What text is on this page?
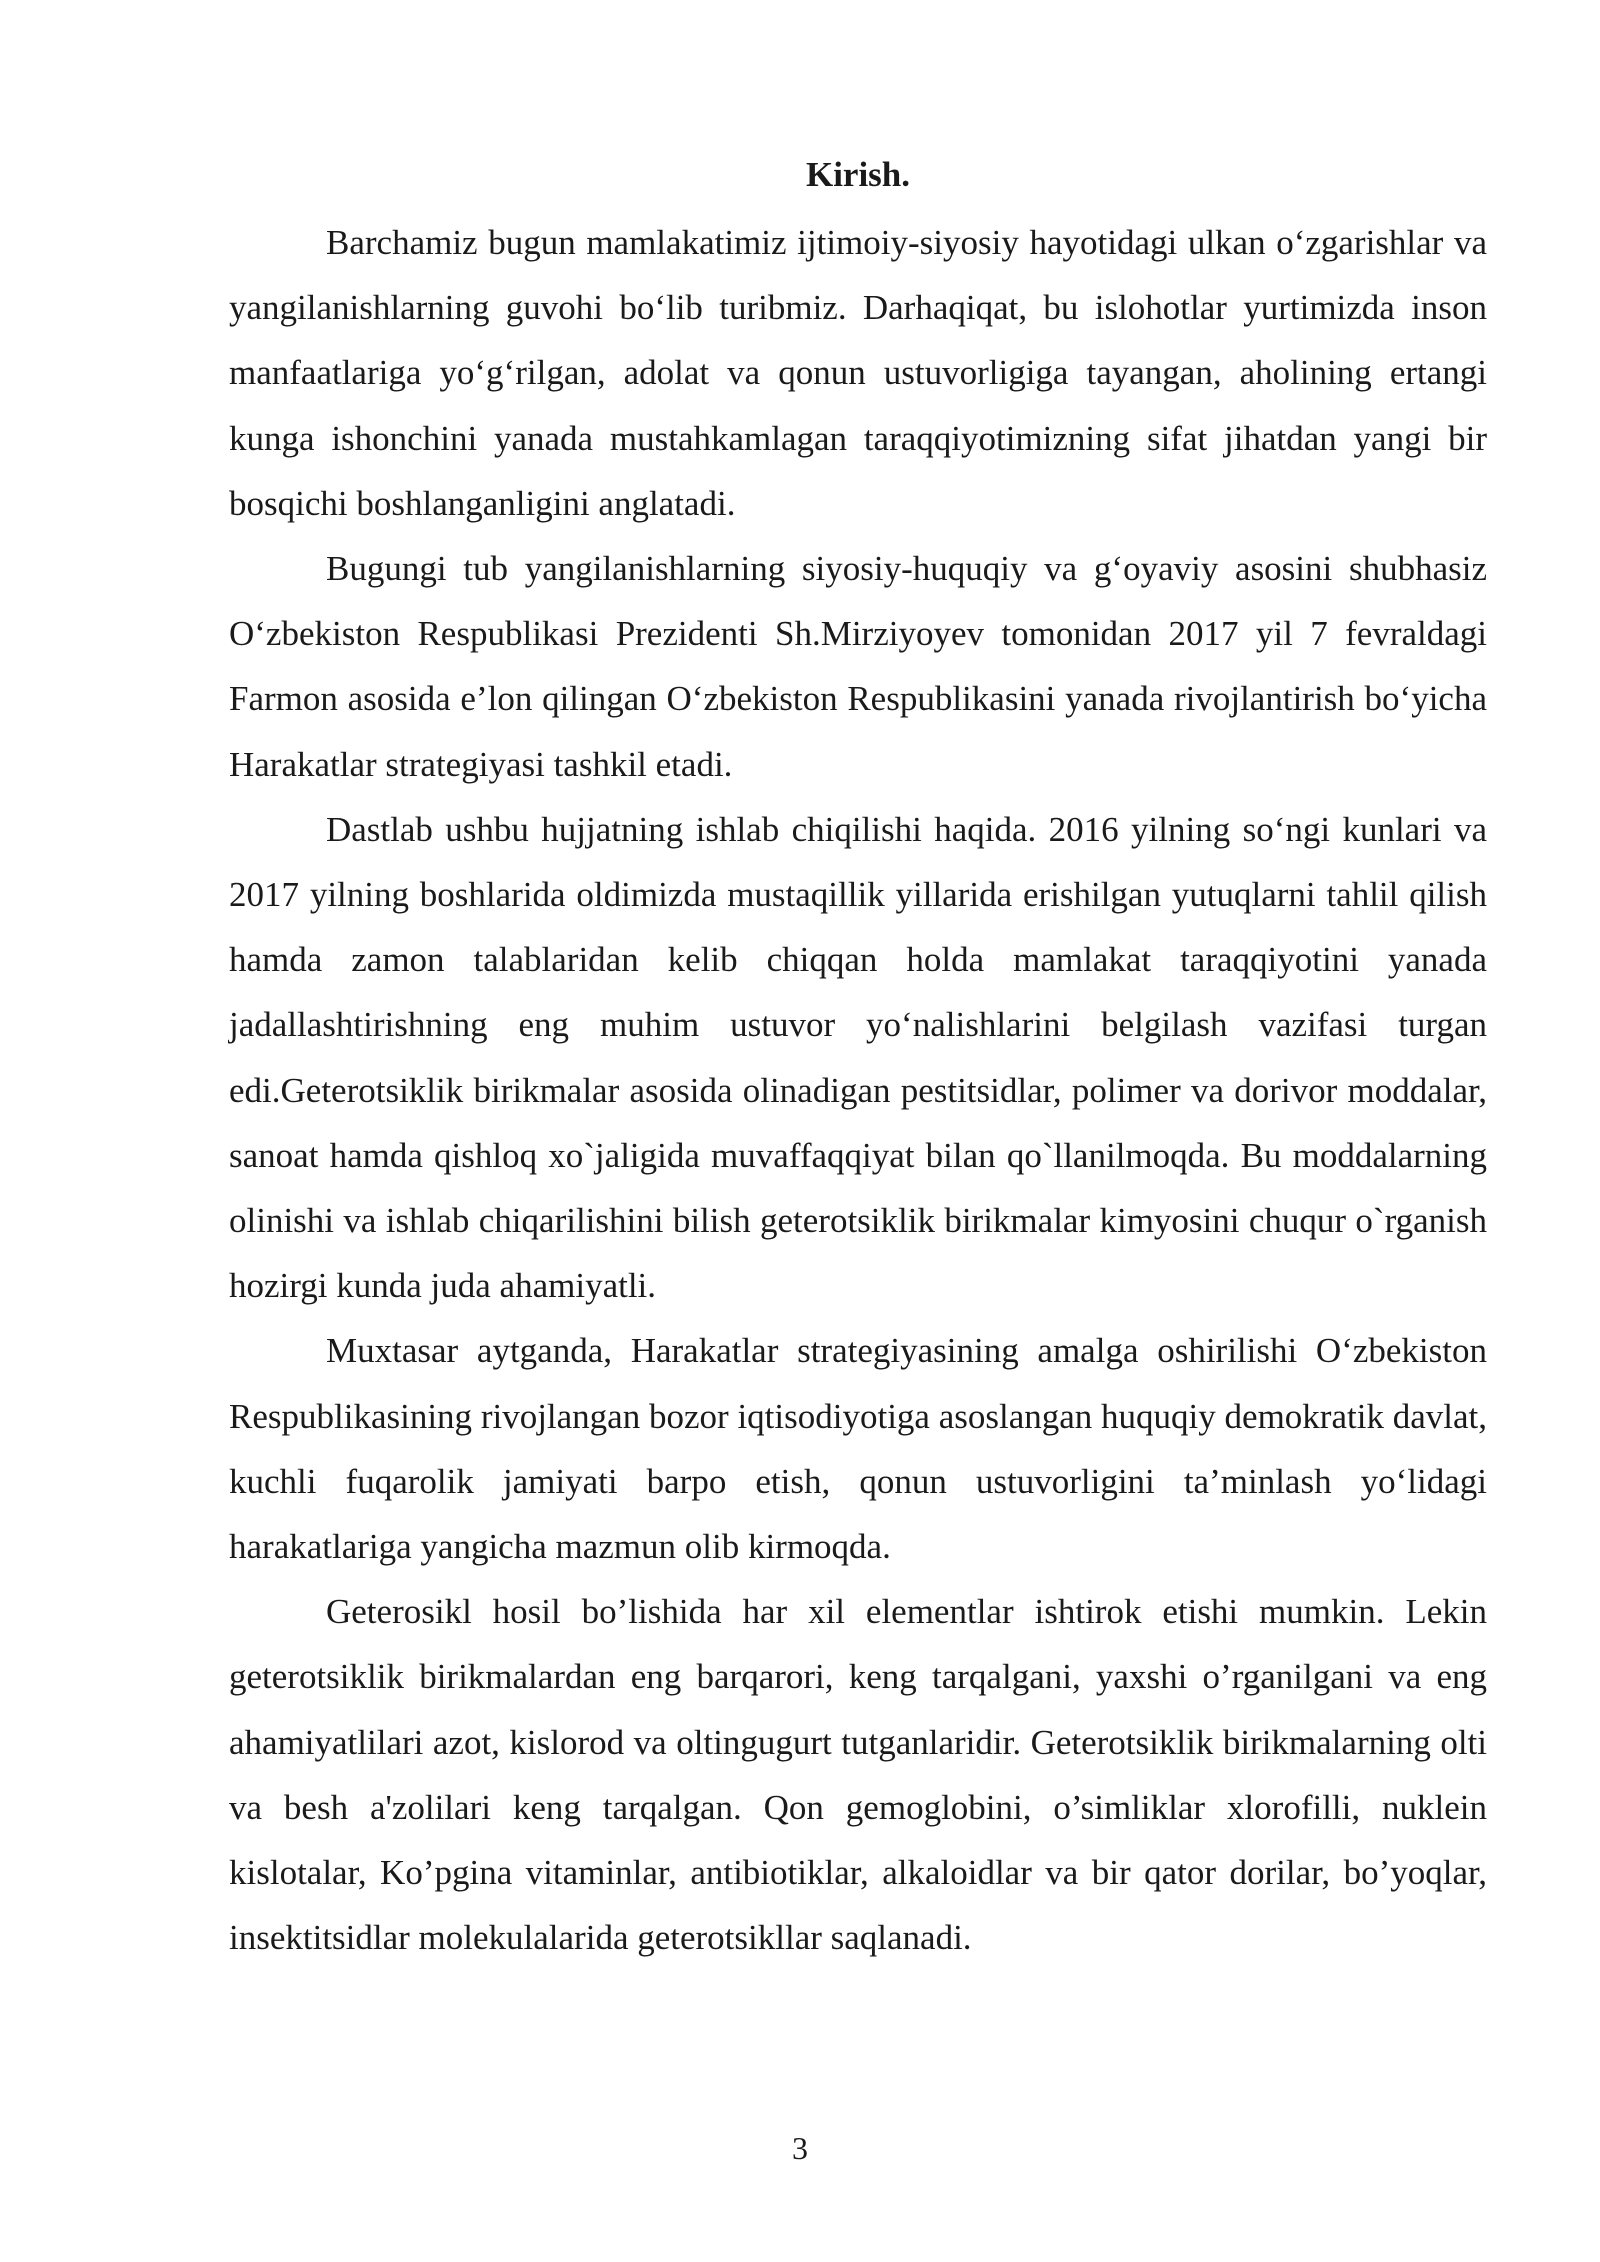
Kirish.

Barchamiz bugun mamlakatimiz ijtimoiy-siyosiy hayotidagi ulkan o‘zgarishlar va yangilanishlarning guvohi bo‘lib turibmiz. Darhaqiqat, bu islohotlar yurtimizda inson manfaatlariga yo‘g‘rilgan, adolat va qonun ustuvorligiga tayangan, aholining ertangi kunga ishonchini yanada mustahkamlagan taraqqiyotimizning sifat jihatdan yangi bir bosqichi boshlanganligini anglatadi.

Bugungi tub yangilanishlarning siyosiy-huquqiy va g‘oyaviy asosini shubhasiz O‘zbekiston Respublikasi Prezidenti Sh.Mirziyoyev tomonidan 2017 yil 7 fevraldagi Farmon asosida e’lon qilingan O‘zbekiston Respublikasini yanada rivojlantirish bo‘yicha Harakatlar strategiyasi tashkil etadi.

Dastlab ushbu hujjatning ishlab chiqilishi haqida. 2016 yilning so‘ngi kunlari va 2017 yilning boshlarida oldimizda mustaqillik yillarida erishilgan yutuqlarni tahlil qilish hamda zamon talablaridan kelib chiqqan holda mamlakat taraqqiyotini yanada jadallashtirishning eng muhim ustuvor yo‘nalishlarini belgilash vazifasi turgan edi.Geterotsiklik birikmalar asosida olinadigan pestitsidlar, polimer va dorivor moddalar, sanoat hamda qishloq xo`jaligida muvaffaqqiyat bilan qo`llanilmoqda. Bu moddalarning olinishi va ishlab chiqarilishini bilish geterotsiklik birikmalar kimyosini chuqur o`rganish hozirgi kunda juda ahamiyatli.

Muxtasar aytganda, Harakatlar strategiyasining amalga oshirilishi O‘zbekiston Respublikasining rivojlangan bozor iqtisodiyotiga asoslangan huquqiy demokratik davlat, kuchli fuqarolik jamiyati barpo etish, qonun ustuvorligini ta’minlash yo‘lidagi harakatlariga yangicha mazmun olib kirmoqda.

Geterosikl hosil bo’lishida har xil elementlar ishtirok etishi mumkin. Lekin geterotsiklik birikmalardan eng barqarori, keng tarqalgani, yaxshi o’rganilgani va eng ahamiyatlilari azot, kislorod va oltingugurt tutganlaridir. Geterotsiklik birikmalarning olti va besh a'zolilari keng tarqalgan. Qon gemoglobini, o’simliklar xlorofilli, nuklein kislotalar, Ko’pgina vitaminlar, antibiotiklar, alkaloidlar va bir qator dorilar, bo’yoqlar, insektitsidlar molekulalarida geterotsikllar saqlanadi.

3
